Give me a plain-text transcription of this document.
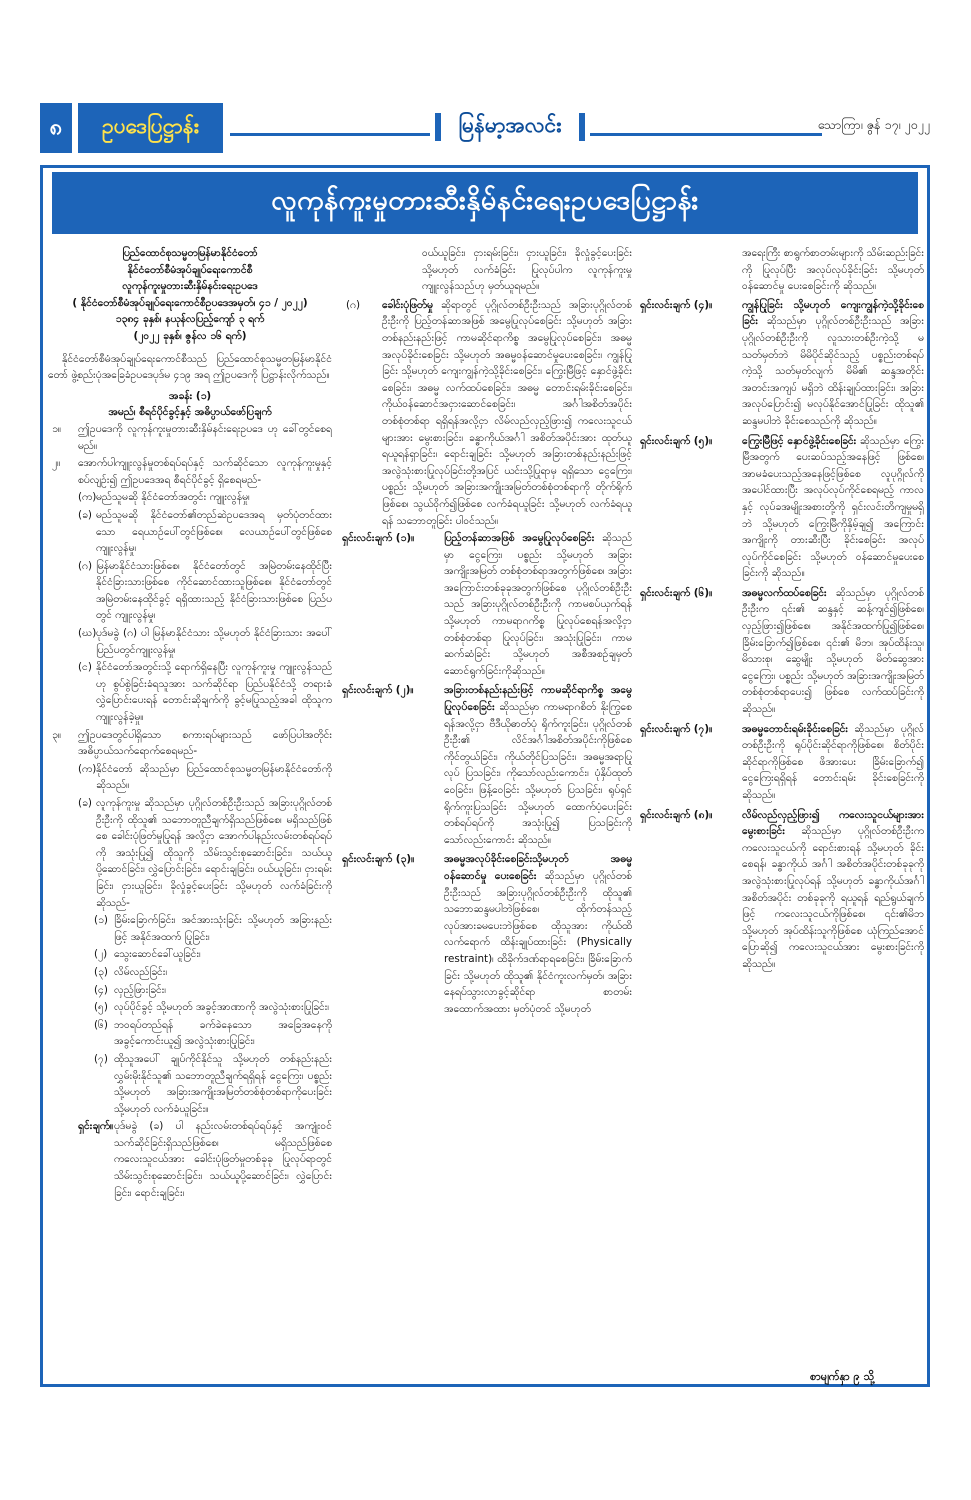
၈	ဥပဒေပြဋ္ဌာန်း	မြန်မာ့အလင်း	သောကြာ၊ ဇွန် ၁၇၊ ၂၀၂၂
လူကုန်ကူးမှုတားဆီးနှိမ်နင်းရေးဥပဒေပြဋ္ဌာန်း
ပြည်ထောင်စုသမ္မတမြန်မာနိုင်ငံတော်
နိုင်ငံတော်စီမံအုပ်ချုပ်ရေးကောင်စီ
လူကုန်ကူးမှုတားဆီးနှိမ်နင်းရေးဥပဒေ
( နိုင်ငံတော်စီမံအုပ်ချုပ်ရေးကောင်စီဥပဒေအမှတ်၊ ၄၁ / ၂၀၂၂)
၁၃၈၄ ခုနှစ်၊ နယုန်လပြည့်ကျော် ၃ ရက်
(၂၀၂၂ ခုနှစ်၊ ဇွန်လ ၁၆ ရက်)

နိုင်ငံတော်စီမံအုပ်ချုပ်ရေးကောင်စီသည် ပြည်ထောင်စုသမ္မတမြန်မာနိုင်ငံတော် ဖွဲ့စည်းပုံအခြေခံဥပဒေပုဒ်မ ၄၁၉ အရ ဤဥပဒေကို ပြဋ္ဌာန်းလိုက်သည်။

အခန်း (၁)
အမည်၊ စီရင်ပိုင်ခွင့်နှင့် အဓိပ္ပာယ်ဖော်ပြချက်
၁။ ဤဥပဒေကို လူကုန်ကူးမှုတားဆီးနှိမ်နင်းရေးဥပဒေ ဟု ခေါ်တွင်စေရမည်။
၂။ အောက်ပါကျူးလွန်မှုတစ်ရပ်ရပ်နှင့် သက်ဆိုင်သော လူကုန်ကူးမှုနှင့်စပ်လျဉ်း၍ ဤဥပဒေအရ စီရင်ပိုင်ခွင့် ရှိစေရမည်-
(က) မည်သူမဆို နိုင်ငံတော်အတွင်း ကျူးလွန်မှု၊
(ခ) မည်သူမဆို နိုင်ငံတော်၏တည်ဆဲဥပဒေအရ မှတ်ပုံတင်ထားသော ရေယာဉ်ပေါ်တွင်ဖြစ်စေ၊ လေယာဉ်ပေါ်တွင်ဖြစ်စေ ကျူးလွန်မှု၊
(ဂ) မြန်မာနိုင်ငံသားဖြစ်စေ၊ နိုင်ငံတော်တွင် အမြဲတမ်းနေထိုင်ပြီး နိုင်ငံခြားသားဖြစ်စေ ကိုင်ဆောင်ထားသူဖြစ်စေ၊ နိုင်ငံတော်တွင် အမြဲတမ်းနေထိုင်ခွင့် ရရှိထားသည့် နိုင်ငံခြားသားဖြစ်စေ ပြည်ပတွင် ကျူးလွန်မှု၊
(ဃ) ပုဒ်မခွဲ (ဂ) ပါ မြန်မာနိုင်ငံသား သို့မဟုတ် နိုင်ငံခြားသား အပေါ် ပြည်ပတွင်ကျူးလွန်မှု၊
(င) နိုင်ငံတော်အတွင်းသို့ ရောက်ရှိနေပြီး လူကုန်ကူးမှု ကျူးလွန်သည်ဟု စွပ်စွဲခြင်းခံရသူအား သက်ဆိုင်ရာ ပြည်ပနိုင်ငံသို့ တရားခံလွှဲပြောင်းပေးရန် တောင်းဆိုချက်ကို ခွင့်မပြုသည့်အခါ ထိုသူကကျူးလွန်ခဲ့မှု။
၃။ ဤဥပဒေတွင်ပါရှိသော စကားရပ်များသည် ဖော်ပြပါအတိုင်း အဓိပ္ပာယ်သက်ရောက်စေရမည်-
(က) နိုင်ငံတော် ဆိုသည်မှာ ပြည်ထောင်စုသမ္မတမြန်မာနိုင်ငံတော်ကို ဆိုသည်။
(ခ) လူကုန်ကူးမှု ဆိုသည်မှာ ပုဂ္ဂိုလ်တစ်ဦးဦးသည် အခြားပုဂ္ဂိုလ်တစ်ဦးဦးကို ထိုသူ၏ သဘောတူညီချက်ရှိသည်ဖြစ်စေ၊ မရှိသည်ဖြစ်စေ ခေါင်းပုံဖြတ်မှုပြုရန် အလို့ငှာ အောက်ပါနည်းလမ်းတစ်ရပ်ရပ်ကို အသုံးပြု၍ ထိုသူကို သိမ်းသွင်းစုဆောင်းခြင်း၊ သယ်ယူပို့ဆောင်ခြင်း၊ လွှဲပြောင်းခြင်း၊ ရောင်းချခြင်း၊ ဝယ်ယူခြင်း၊ ငှားရမ်းခြင်း၊ ငှားယူခြင်း၊ ခိုလှုံခွင့်ပေးခြင်း သို့မဟုတ် လက်ခံခြင်းကို ဆိုသည်-
(၁) ခြိမ်းခြောက်ခြင်း၊ အင်အားသုံးခြင်း သို့မဟုတ် အခြားနည်းဖြင့် အနိုင်အထက် ပြုခြင်း၊
(၂) သွေးဆောင်ခေါ်ယူခြင်း၊
(၃) လိမ်လည်ခြင်း၊
(၄) လှည့်ဖြားခြင်း၊
(၅) လုပ်ပိုင်ခွင့် သို့မဟုတ် အခွင့်အာဏာကို အလွဲသုံးစားပြုခြင်း၊
(၆) ဘဝရပ်တည်ရန် ခက်ခဲနေသော အခြေအနေကို အခွင့်ကောင်းယူ၍ အလွဲသုံးစားပြုခြင်း၊
(၇) ထိုသူအပေါ် ချုပ်ကိုင်နိုင်သူ သို့မဟုတ် တစ်နည်းနည်း လွှမ်းမိုးနိုင်သူ၏ သဘောတူညီချက်ရရှိရန် ငွေကြေး၊ ပစ္စည်း သို့မဟုတ် အခြားအကျိုးအမြတ်တစ်စုံတစ်ရာကိုပေးခြင်း သို့မဟုတ် လက်ခံယူခြင်း။
ရှင်းချက်။ ပုဒ်မခွဲ (ခ) ပါ နည်းလမ်းတစ်ရပ်ရပ်နှင့် အကျုံးဝင် သက်ဆိုင်ခြင်းရှိသည်ဖြစ်စေ၊ မရှိသည်ဖြစ်စေ ကလေးသူငယ်အား ခေါင်းပုံဖြတ်မှုတစ်ခုခု ပြုလုပ်ရာတွင် သိမ်းသွင်းစုဆောင်းခြင်း၊ သယ်ယူပို့ဆောင်ခြင်း၊ လွှဲပြောင်းခြင်း၊ ရောင်းချခြင်း၊

ဝယ်ယူခြင်း၊ ငှားရမ်းခြင်း၊ ငှားယူခြင်း၊ ခိုလှုံခွင့်ပေးခြင်း သို့မဟုတ် လက်ခံခြင်း ပြုလုပ်ပါက လူကုန်ကူးမှု ကျူးလွန်သည်ဟု မှတ်ယူရမည်။

(ဂ) ခေါင်းပုံဖြတ်မှု ဆိုရာတွင် ပုဂ္ဂိုလ်တစ်ဦးဦးသည် အခြားပုဂ္ဂိုလ်တစ်ဦးဦးကို ပြည့်တန်ဆာအဖြစ် အမွေပြုလုပ်စေခြင်း သို့မဟုတ် အခြားတစ်နည်းနည်းဖြင့် ကာမဆိုင်ရာကိစ္စ အမွေပြုလုပ်စေခြင်း၊ အဓမ္မအလုပ်ခိုင်းစေခြင်း သို့မဟုတ် အဓမ္မဝန်ဆောင်မှုပေးစေခြင်း၊ ကျွန်ပြုခြင်း သို့မဟုတ် ကျေးကျွန်ကဲ့သို့ခိုင်းစေခြင်း၊ ကြွေးမြီဖြင့် နှောင်ဖွဲ့ခိုင်းစေခြင်း၊ အဓမ္မ လက်ထပ်စေခြင်း၊ အဓမ္မ တောင်းရမ်းခိုင်းစေခြင်း၊ ကိုယ်ဝန်ဆောင်အငှားဆောင်စေခြင်း၊ အင်္ဂါအစိတ်အပိုင်းတစ်စုံတစ်ရာ ရရှိရန်အလို့ငှာ လိမ်လည်လှည့်ဖြား၍ ကလေးသူငယ်များအား မွေးစားခြင်း၊ ခန္ဓာကိုယ်အင်္ဂါ အစိတ်အပိုင်းအား ထုတ်ယူရယူရန်ရှာခြင်း၊ ရောင်းချခြင်း သို့မဟုတ် အခြားတစ်နည်းနည်းဖြင့် အလွဲသုံးစားပြုလုပ်ခြင်းတို့အပြင် ယင်းသို့ပြုရာမှ ရရှိသော ငွေကြေး၊ ပစ္စည်း သို့မဟုတ် အခြားအကျိုးအမြတ်တစ်စုံတစ်ရာကို တိုက်ရိုက်ဖြစ်စေ၊ သွယ်ဝိုက်၍ဖြစ်စေ လက်ခံရယူခြင်း သို့မဟုတ် လက်ခံရယူရန် သဘောတူခြင်း ပါဝင်သည်။
ရှင်းလင်းချက် (၁)။	ပြည့်တန်ဆာအဖြစ် အမွေပြုလုပ်စေခြင်း ဆိုသည်မှာ ငွေကြေး၊ ပစ္စည်း သို့မဟုတ် အခြားအကျိုးအမြတ် တစ်စုံတစ်ရာအတွက်ဖြစ်စေ၊ အခြားအကြောင်းတစ်ခုခုအတွက်ဖြစ်စေ ပုဂ္ဂိုလ်တစ်ဦးဦးသည် အခြားပုဂ္ဂိုလ်တစ်ဦးဦးကို ကာမစပ်ယှက်ရန် သို့မဟုတ် ကာမရာဂကိစ္စ ပြုလုပ်စေရန်အလို့ငှာ တစ်စုံတစ်ရာ ပြုလုပ်ခြင်း၊ အသုံးပြုခြင်း၊ ကာမဆက်ဆံခြင်း သို့မဟုတ် အစီအစဉ်ချမှတ်ဆောင်ရွက်ခြင်းကိုဆိုသည်။
ရှင်းလင်းချက် (၂)။	အခြားတစ်နည်းနည်းဖြင့် ကာမဆိုင်ရာကိစ္စ အမွေပြုလုပ်စေခြင်း ဆိုသည်မှာ ကာမရာဂစိတ် နိုးကြွစေရန်အလို့ငှာ ဗီဒီယိုဓာတ်ပုံ ရိုက်ကူးခြင်း၊ ပုဂ္ဂိုလ်တစ်ဦးဦး၏ လိင်အင်္ဂါအစိတ်အပိုင်းကိုဖြစ်စေ ကိုင်တွယ်ခြင်း၊ ကိုယ်တိုင်ပြသခြင်း၊ အဓမ္မအရာပြုလုပ် ပြသခြင်း၊ ကိုသော်လည်းကောင်း၊ ပုံနှိပ်ထုတ်ဝေခြင်း၊ ဖြန့်ဝေခြင်း သို့မဟုတ် ပြသခြင်း၊ ရုပ်ရှင်ရိုက်ကူးပြသခြင်း သို့မဟုတ် ထောက်ပံ့ပေးခြင်း တစ်ရပ်ရပ်ကို အသုံးပြု၍ ပြသခြင်းကို သော်လည်းကောင်း ဆိုသည်။
ရှင်းလင်းချက် (၃)။	အဓမ္မအလုပ်ခိုင်းစေခြင်းသို့မဟုတ် အဓမ္မဝန်ဆောင်မှု ပေးစေခြင်း ဆိုသည်မှာ ပုဂ္ဂိုလ်တစ်ဦးဦးသည် အခြားပုဂ္ဂိုလ်တစ်ဦးဦးကို ထိုသူ၏ သဘောဆန္ဒမပါဘဲဖြစ်စေ၊ ထိုက်တန်သည့် လုပ်အားခမပေးဘဲဖြစ်စေ ထိုသူအား ကိုယ်ထိလက်ရောက် ထိန်းချုပ်ထားခြင်း (Physically restraint)၊ ထိခိုက်ဒဏ်ရာရစေခြင်း၊ ခြိမ်းခြောက်ခြင်း သို့မဟုတ် ထိုသူ၏ နိုင်ငံကူးလက်မှတ်၊ အခြားနေရပ်သွားလာခွင့်ဆိုင်ရာ စာတမ်း အထောက်အထား မှတ်ပုံတင် သို့မဟုတ်

အရေးကြီး စာရွက်စာတမ်းများကို သိမ်းဆည်းခြင်းကို ပြုလုပ်ပြီး အလုပ်လုပ်ခိုင်းခြင်း သို့မဟုတ် ဝန်ဆောင်မှု ပေးစေခြင်းကို ဆိုသည်။

ရှင်းလင်းချက် (၄)။	ကျွန်ပြုခြင်း သို့မဟုတ် ကျေးကျွန်ကဲ့သို့ခိုင်းစေခြင်း ဆိုသည်မှာ ပုဂ္ဂိုလ်တစ်ဦးဦးသည် အခြားပုဂ္ဂိုလ်တစ်ဦးဦးကို လူသားတစ်ဦးကဲ့သို့ မသတ်မှတ်ဘဲ မိမိပိုင်ဆိုင်သည့် ပစ္စည်းတစ်ရပ်ကဲ့သို့ သတ်မှတ်လျက် မိမိ၏ ဆန္ဒအတိုင်း အတင်းအကျပ် မရှိဘဲ ထိန်းချုပ်ထားခြင်း၊ အခြားအလုပ်ပြောင်း၍ မလုပ်နိုင်အောင်ပြုခြင်း ထိုသူ၏ ဆန္ဒမပါဘဲ ခိုင်းစေသည်ကို ဆိုသည်။
ရှင်းလင်းချက် (၅)။	ကြွေးမြီဖြင့် နှောင်ဖွဲ့ခိုင်းစေခြင်း ဆိုသည်မှာ ကြွေးမြီအတွက် ပေးဆပ်သည့်အနေဖြင့် ဖြစ်စေ၊ အာမခံပေးသည့်အနေဖြင့်ဖြစ်စေ လူပုဂ္ဂိုလ်ကို အပေါင်ထားပြီး အလုပ်လုပ်ကိုင်စေရမည့် ကာလနှင့် လုပ်ခအမျိုးအစားတို့ကို ရှင်းလင်းတိကျမှုမရှိဘဲ သို့မဟုတ် ကြွေးမြီကိုနှိမ့်ချ၍ အကြောင်းအကျိုးကို တားဆီးပြီး ခိုင်းစေခြင်း အလုပ်လုပ်ကိုင်စေခြင်း သို့မဟုတ် ဝန်ဆောင်မှုပေးစေခြင်းကို ဆိုသည်။
ရှင်းလင်းချက် (၆)။	အဓမ္မလက်ထပ်စေခြင်း ဆိုသည်မှာ ပုဂ္ဂိုလ်တစ်ဦးဦးက ၎င်း၏ ဆန္ဒနှင့် ဆန့်ကျင်၍ဖြစ်စေ၊ လှည့်ဖြား၍ဖြစ်စေ၊ အနိုင်အထက်ပြု၍ဖြစ်စေ၊ ခြိမ်းခြောက်၍ဖြစ်စေ၊ ၎င်း၏ မိဘ၊ အုပ်ထိန်းသူ၊ မိသားစု၊ ဆွေမျိုး သို့မဟုတ် မိတ်ဆွေအား ငွေကြေး၊ ပစ္စည်း သို့မဟုတ် အခြားအကျိုးအမြတ်တစ်စုံတစ်ရာပေး၍ ဖြစ်စေ လက်ထပ်ခြင်းကို ဆိုသည်။
ရှင်းလင်းချက် (၇)။	အဓမ္မတောင်းရမ်းခိုင်းစေခြင်း ဆိုသည်မှာ ပုဂ္ဂိုလ်တစ်ဦးဦးကို ရုပ်ပိုင်းဆိုင်ရာကိုဖြစ်စေ၊ စိတ်ပိုင်းဆိုင်ရာကိုဖြစ်စေ ဖိအားပေး ခြိမ်းခြောက်၍ ငွေကြေးရရှိရန် တောင်းရမ်း ခိုင်းစေခြင်းကို ဆိုသည်။
ရှင်းလင်းချက် (၈)။	လိမ်လည်လှည့်ဖြား၍ ကလေးသူငယ်များအား မွေးစားခြင်း ဆိုသည်မှာ ပုဂ္ဂိုလ်တစ်ဦးဦးက ကလေးသူငယ်ကို ရောင်းစားရန် သို့မဟုတ် ခိုင်းစေရန်၊ ခန္ဓာကိုယ် အင်္ဂါ အစိတ်အပိုင်းတစ်ခုခုကို အလွဲသုံးစားပြုလုပ်ရန် သို့မဟုတ် ခန္ဓာကိုယ်အင်္ဂါ အစိတ်အပိုင်း တစ်ခုခုကို ရယူရန် ရည်ရွယ်ချက်ဖြင့် ကလေးသူငယ်ကိုဖြစ်စေ၊ ၎င်း၏မိဘ သို့မဟုတ် အုပ်ထိန်းသူကိုဖြစ်စေ ယုံကြည်အောင်ပြောဆို၍ ကလေးသူငယ်အား မွေးစားခြင်းကို ဆိုသည်။
စာမျက်နှာ ၉ သို့
